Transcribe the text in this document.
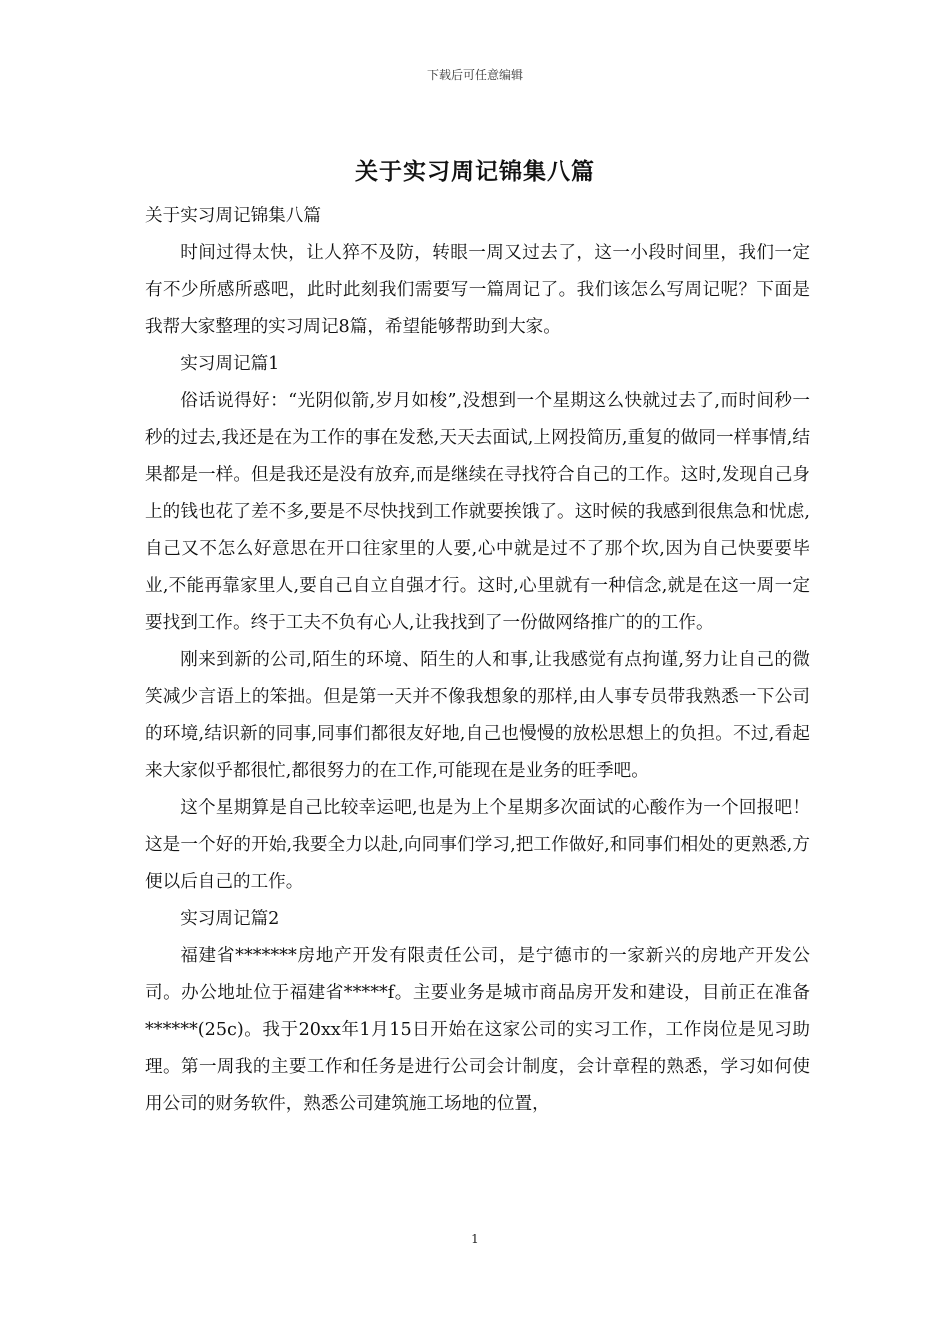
下载后可任意编辑
关于实习周记锦集八篇

关于实习周记锦集八篇

时间过得太快，让人猝不及防，转眼一周又过去了，这一小段时间里，我们一定有不少所感所惑吧，此时此刻我们需要写一篇周记了。我们该怎么写周记呢？下面是我帮大家整理的实习周记8篇，希望能够帮助到大家。

实习周记篇1

俗话说得好：“光阴似箭,岁月如梭”,没想到一个星期这么快就过去了,而时间秒一秒的过去,我还是在为工作的事在发愁,天天去面试,上网投简历,重复的做同一样事情,结果都是一样。但是我还是没有放弃,而是继续在寻找符合自己的工作。这时,发现自己身上的钱也花了差不多,要是不尽快找到工作就要挨饿了。这时候的我感到很焦急和忧虑,自己又不怎么好意思在开口往家里的人要,心中就是过不了那个坎,因为自己快要要毕业,不能再靠家里人,要自己自立自强才行。这时,心里就有一种信念,就是在这一周一定要找到工作。终于工夫不负有心人,让我找到了一份做网络推广的的工作。

刚来到新的公司,陌生的环境、陌生的人和事,让我感觉有点拘谨,努力让自己的微笑减少言语上的笨拙。但是第一天并不像我想象的那样,由人事专员带我熟悉一下公司的环境,结识新的同事,同事们都很友好地,自己也慢慢的放松思想上的负担。不过,看起来大家似乎都很忙,都很努力的在工作,可能现在是业务的旺季吧。

这个星期算是自己比较幸运吧,也是为上个星期多次面试的心酸作为一个回报吧！这是一个好的开始,我要全力以赴,向同事们学习,把工作做好,和同事们相处的更熟悉,方便以后自己的工作。

实习周记篇2

福建省*******房地产开发有限责任公司，是宁德市的一家新兴的房地产开发公司。办公地址位于福建省*****f。主要业务是城市商品房开发和建设，目前正在准备******(25c)。我于20xx年1月15日开始在这家公司的实习工作，工作岗位是见习助理。第一周我的主要工作和任务是进行公司会计制度，会计章程的熟悉，学习如何使用公司的财务软件，熟悉公司建筑施工场地的位置，

1
